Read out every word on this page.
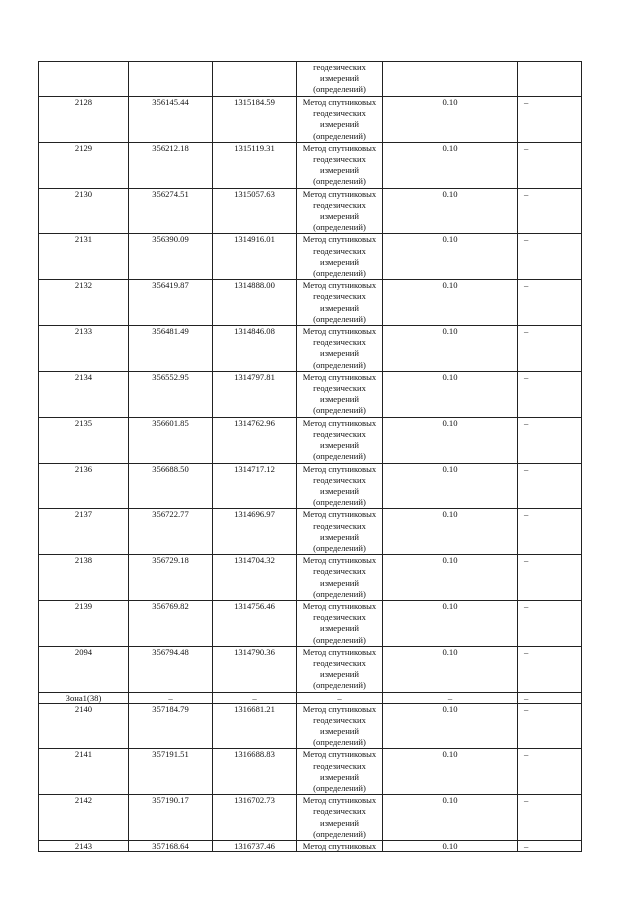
			геодезических
измерений
(определений)		

2128	356145.44	1315184.59	Метод спутниковых
геодезических
измерений
(определений)	0.10	–

2129	356212.18	1315119.31	Метод спутниковых
геодезических
измерений
(определений)	0.10	–

2130	356274.51	1315057.63	Метод спутниковых
геодезических
измерений
(определений)	0.10	–

2131	356390.09	1314916.01	Метод спутниковых
геодезических
измерений
(определений)	0.10	–

2132	356419.87	1314888.00	Метод спутниковых
геодезических
измерений
(определений)	0.10	–

2133	356481.49	1314846.08	Метод спутниковых
геодезических
измерений
(определений)	0.10	–

2134	356552.95	1314797.81	Метод спутниковых
геодезических
измерений
(определений)	0.10	–

2135	356601.85	1314762.96	Метод спутниковых
геодезических
измерений
(определений)	0.10	–

2136	356688.50	1314717.12	Метод спутниковых
геодезических
измерений
(определений)	0.10	–

2137	356722.77	1314696.97	Метод спутниковых
геодезических
измерений
(определений)	0.10	–

2138	356729.18	1314704.32	Метод спутниковых
геодезических
измерений
(определений)	0.10	–

2139	356769.82	1314756.46	Метод спутниковых
геодезических
измерений
(определений)	0.10	–

2094	356794.48	1314790.36	Метод спутниковых
геодезических
измерений
(определений)	0.10	–

Зона1(38)	–	–	–	–	–

2140	357184.79	1316681.21	Метод спутниковых
геодезических
измерений
(определений)	0.10	–

2141	357191.51	1316688.83	Метод спутниковых
геодезических
измерений
(определений)	0.10	–

2142	357190.17	1316702.73	Метод спутниковых
геодезических
измерений
(определений)	0.10	–

2143	357168.64	1316737.46	Метод спутниковых	0.10	–
